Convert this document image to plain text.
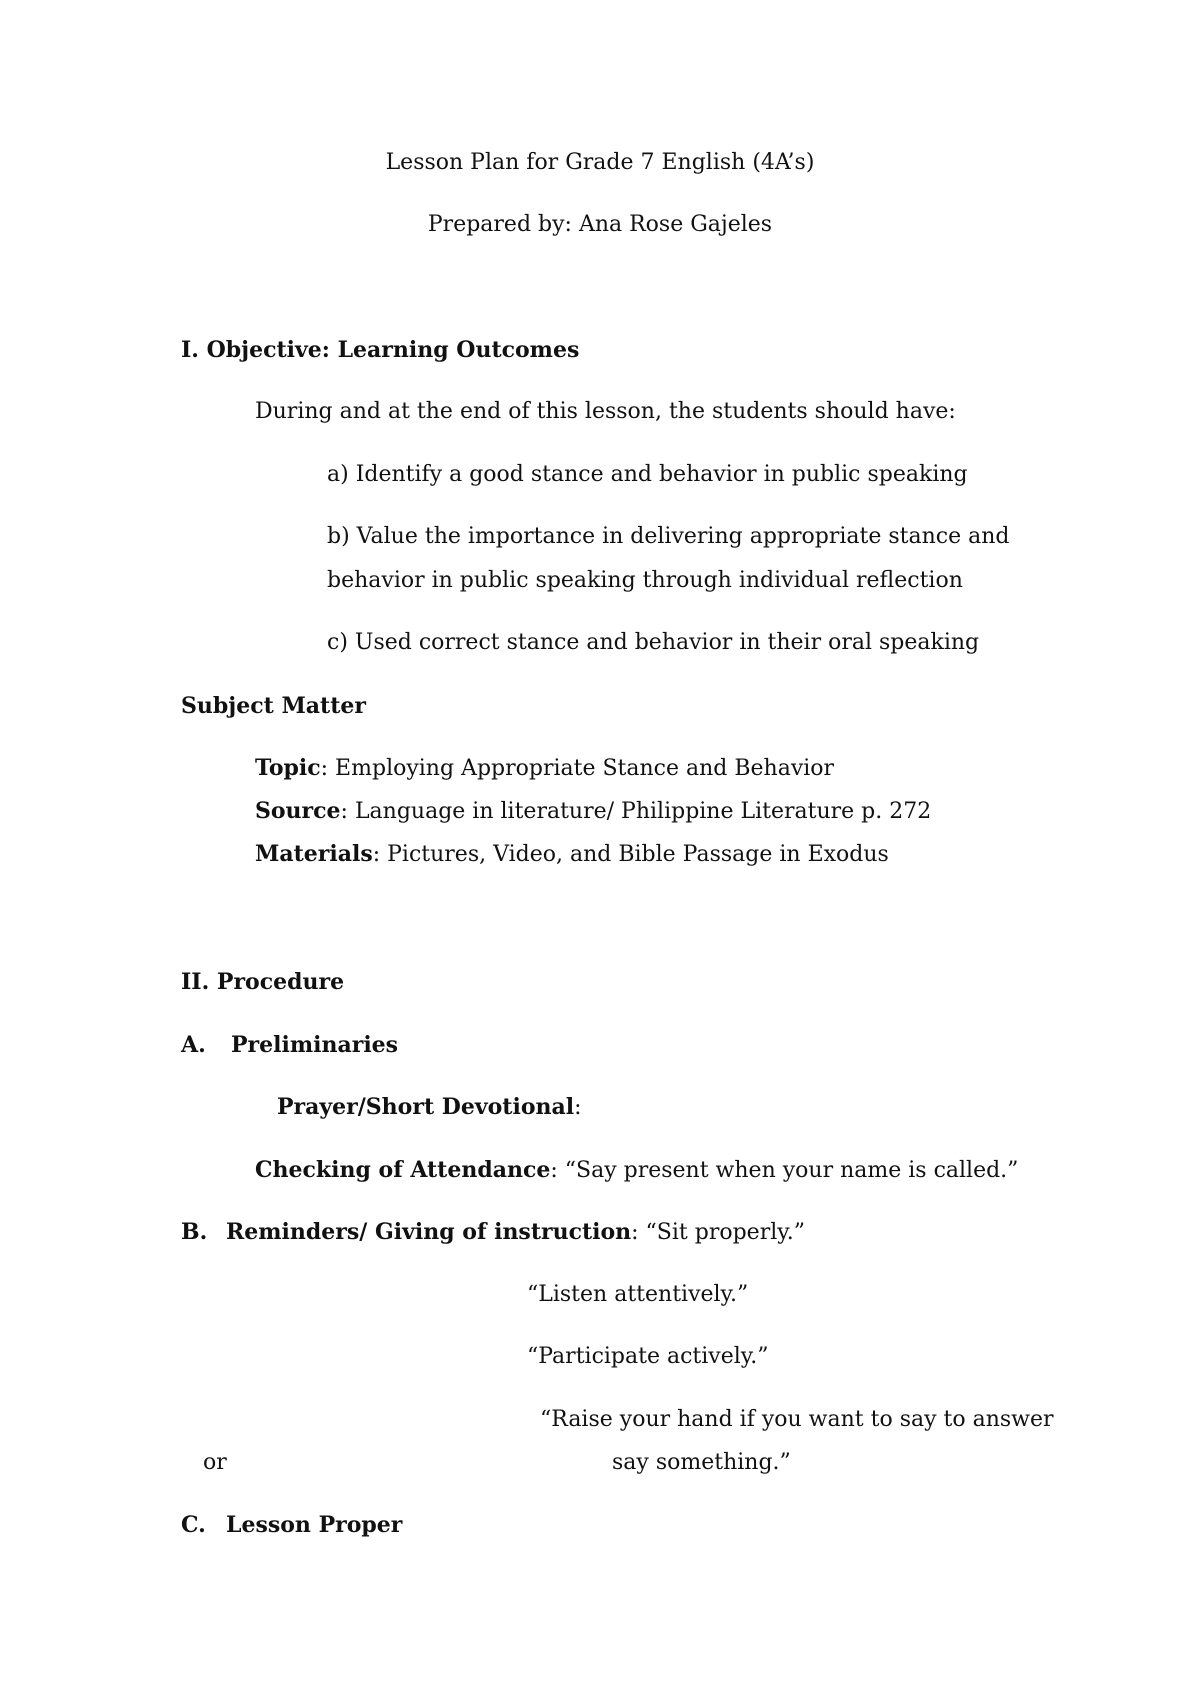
Lesson Plan for Grade 7 English (4A’s)
Prepared by: Ana Rose Gajeles
I. Objective: Learning Outcomes
During and at the end of this lesson, the students should have:
a) Identify a good stance and behavior in public speaking
b) Value the importance in delivering appropriate stance and
behavior in public speaking through individual reflection
c) Used correct stance and behavior in their oral speaking
Subject Matter
Topic: Employing Appropriate Stance and Behavior
Source: Language in literature/ Philippine Literature p. 272
Materials: Pictures, Video, and Bible Passage in Exodus
II. Procedure
A. Preliminaries
Prayer/Short Devotional:
Checking of Attendance: “Say present when your name is called.”
B. Reminders/ Giving of instruction: “Sit properly.”
“Listen attentively.”
“Participate actively.”
“Raise your hand if you want to say to answer
or	say something.”
C. Lesson Proper
